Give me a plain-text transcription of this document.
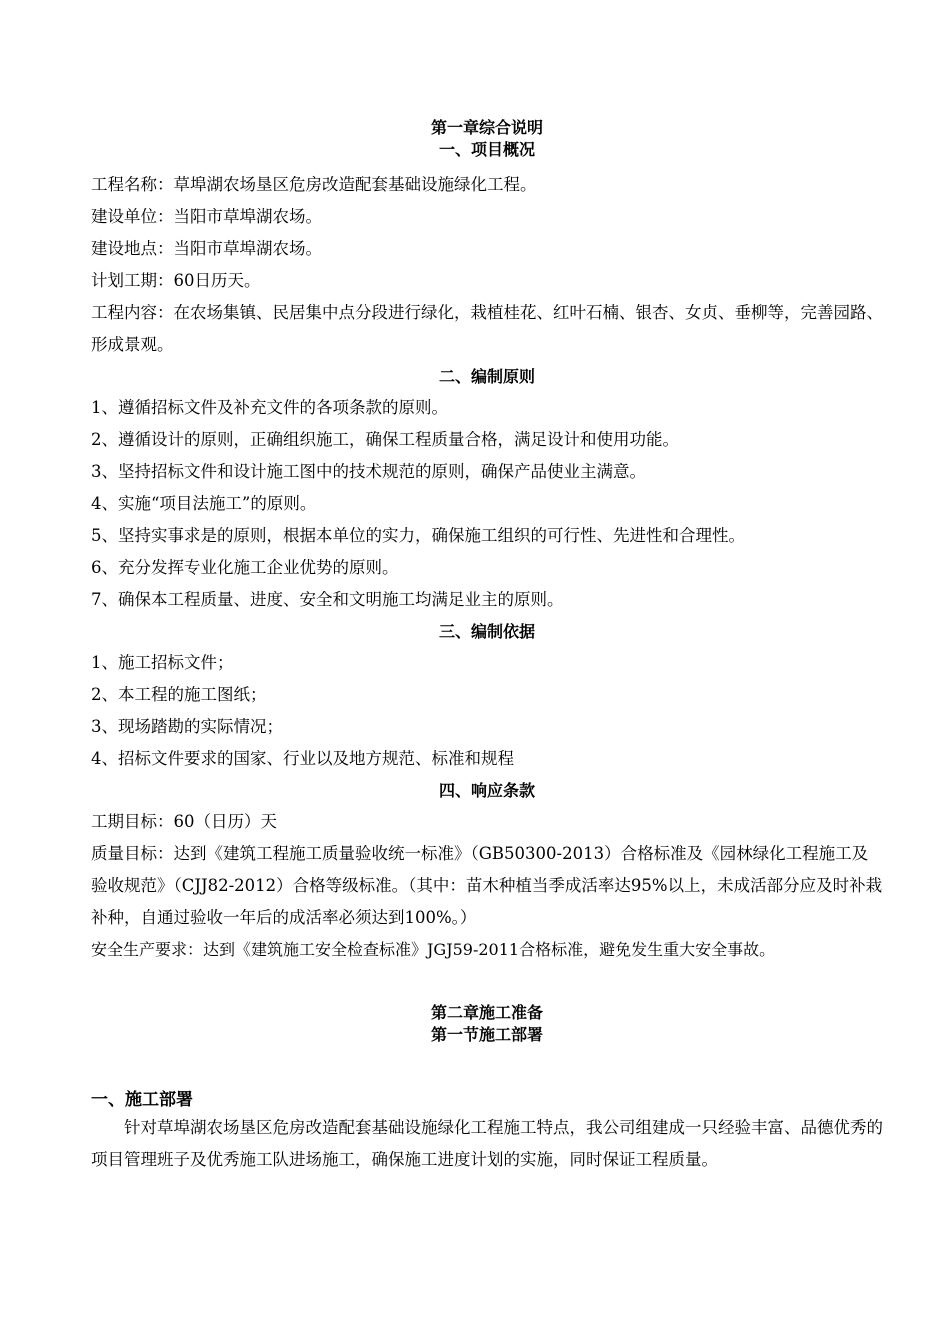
第一章综合说明

一、项目概况

工程名称：草埠湖农场垦区危房改造配套基础设施绿化工程。

建设单位：当阳市草埠湖农场。

建设地点：当阳市草埠湖农场。

计划工期：60日历天。

工程内容：在农场集镇、民居集中点分段进行绿化，栽植桂花、红叶石楠、银杏、女贞、垂柳等，完善园路、形成景观。

二、编制原则

1、遵循招标文件及补充文件的各项条款的原则。

2、遵循设计的原则，正确组织施工，确保工程质量合格，满足设计和使用功能。

3、坚持招标文件和设计施工图中的技术规范的原则，确保产品使业主满意。

4、实施“项目法施工”的原则。

5、坚持实事求是的原则，根据本单位的实力，确保施工组织的可行性、先进性和合理性。

6、充分发挥专业化施工企业优势的原则。

7、确保本工程质量、进度、安全和文明施工均满足业主的原则。

三、编制依据

1、施工招标文件；

2、本工程的施工图纸；

3、现场踏勘的实际情况；

4、招标文件要求的国家、行业以及地方规范、标准和规程

四、响应条款

工期目标：60（日历）天

质量目标：达到《建筑工程施工质量验收统一标准》（GB50300-2013）合格标准及《园林绿化工程施工及验收规范》（CJJ82-2012）合格等级标准。（其中：苗木种植当季成活率达95%以上，未成活部分应及时补栽补种，自通过验收一年后的成活率必须达到100%。）

安全生产要求：达到《建筑施工安全检查标准》JGJ59-2011合格标准，避免发生重大安全事故。

第二章施工准备

第一节施工部署

一、施工部署

针对草埠湖农场垦区危房改造配套基础设施绿化工程施工特点，我公司组建成一只经验丰富、品德优秀的项目管理班子及优秀施工队进场施工，确保施工进度计划的实施，同时保证工程质量。
